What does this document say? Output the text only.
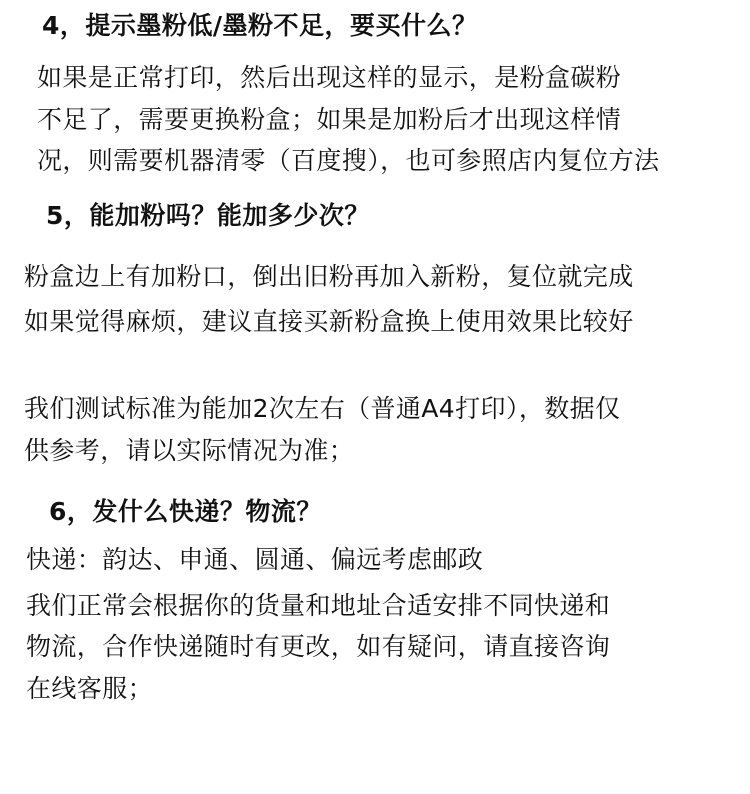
4，提示墨粉低/墨粉不足，要买什么？
如果是正常打印，然后出现这样的显示，是粉盒碳粉
不足了，需要更换粉盒；如果是加粉后才出现这样情
况，则需要机器清零（百度搜），也可参照店内复位方法
5，能加粉吗？能加多少次？
粉盒边上有加粉口，倒出旧粉再加入新粉，复位就完成
如果觉得麻烦，建议直接买新粉盒换上使用效果比较好
我们测试标准为能加2次左右（普通A4打印），数据仅
供参考，请以实际情况为准；
6，发什么快递？物流？
快递：韵达、申通、圆通、偏远考虑邮政
我们正常会根据你的货量和地址合适安排不同快递和
物流，合作快递随时有更改，如有疑问，请直接咨询
在线客服；
